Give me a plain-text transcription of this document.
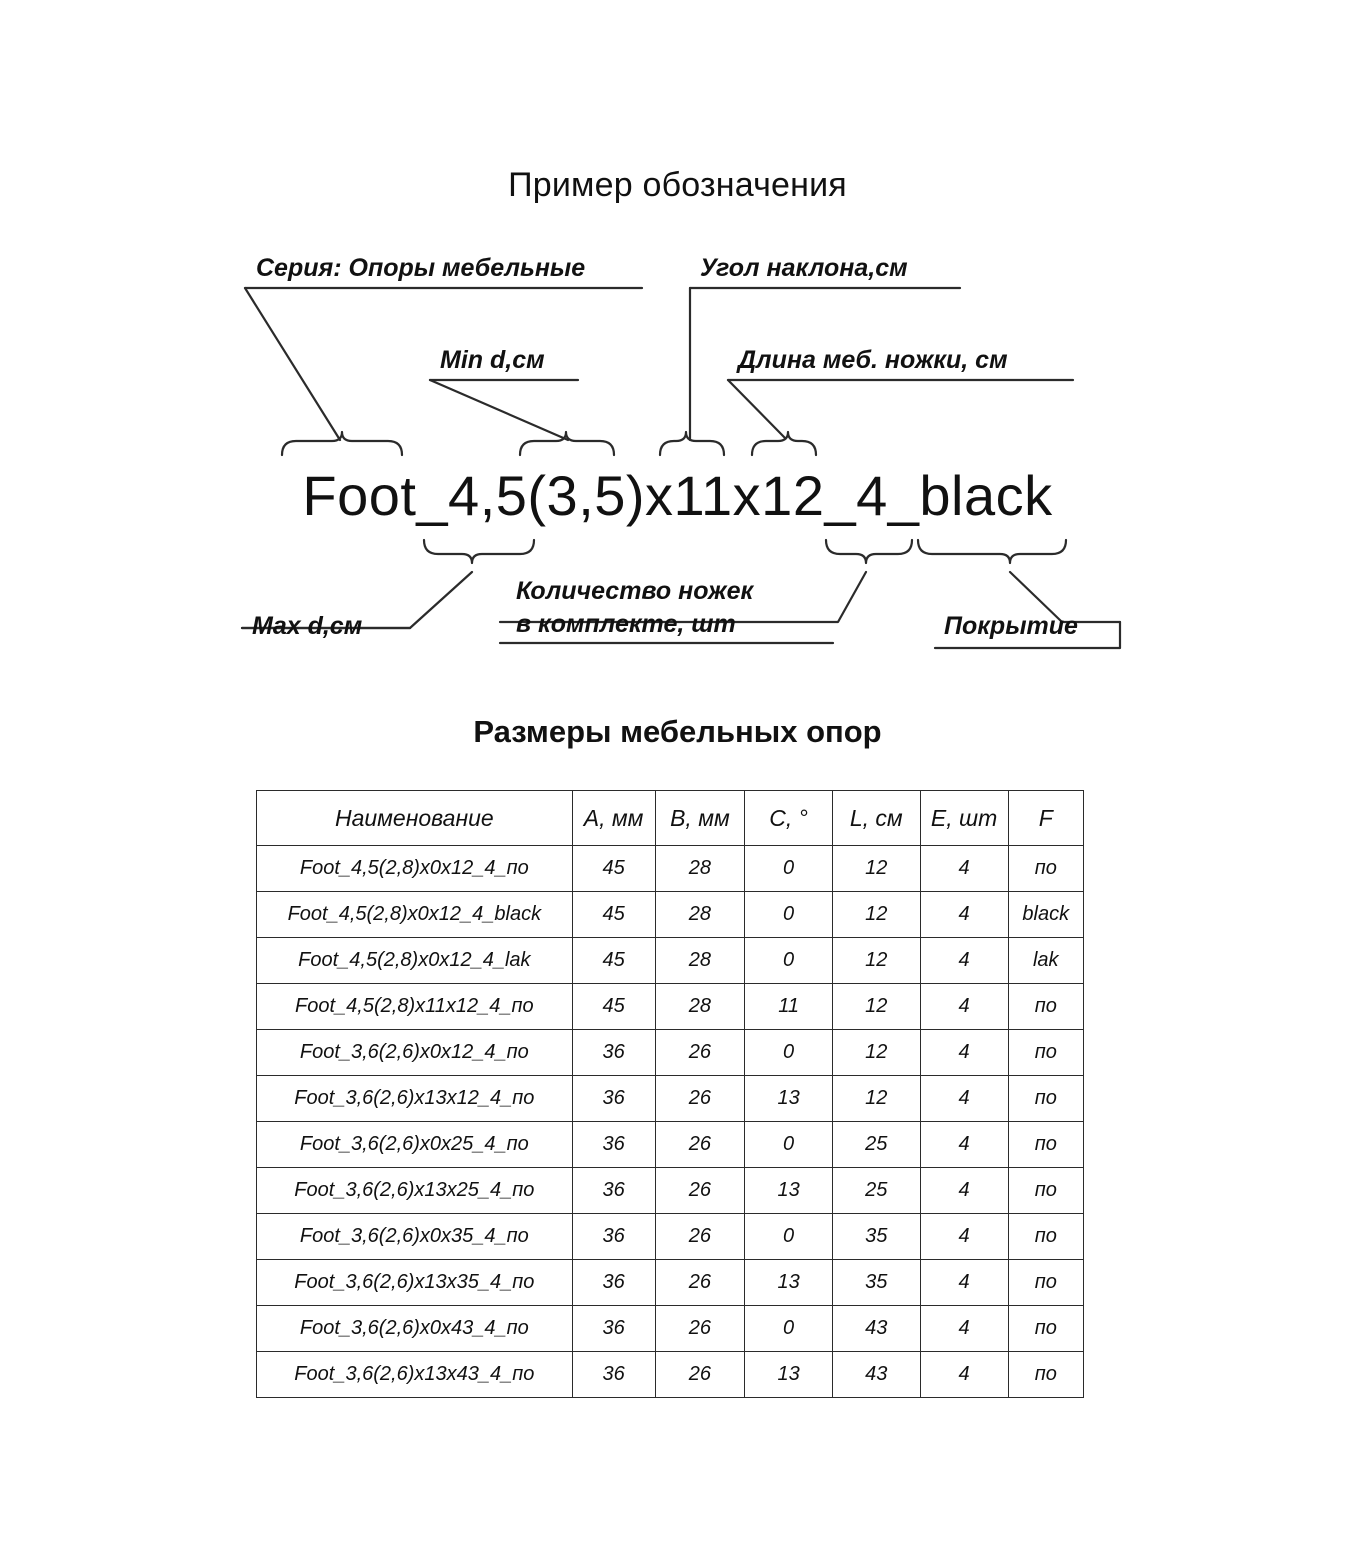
Пример обозначения
Серия: Опоры мебельные
Min d,см
Угол наклона,см
Длина меб. ножки, см
Max d,см
Количество ножек
в комплекте, шт	Покрытие
Foot_4,5(3,5)x11x12_4_black
Размеры мебельных опор
Наименование	A, мм	B, мм	C, °	L, см	E, шт	F
Foot_4,5(2,8)x0x12_4_по	45	28	0	12	4	по
Foot_4,5(2,8)x0x12_4_black	45	28	0	12	4	black
Foot_4,5(2,8)x0x12_4_lak	45	28	0	12	4	lak
Foot_4,5(2,8)x11x12_4_по	45	28	11	12	4	по
Foot_3,6(2,6)x0x12_4_по	36	26	0	12	4	по
Foot_3,6(2,6)x13x12_4_по	36	26	13	12	4	по
Foot_3,6(2,6)x0x25_4_по	36	26	0	25	4	по
Foot_3,6(2,6)x13x25_4_по	36	26	13	25	4	по
Foot_3,6(2,6)x0x35_4_по	36	26	0	35	4	по
Foot_3,6(2,6)x13x35_4_по	36	26	13	35	4	по
Foot_3,6(2,6)x0x43_4_по	36	26	0	43	4	по
Foot_3,6(2,6)x13x43_4_по	36	26	13	43	4	по
